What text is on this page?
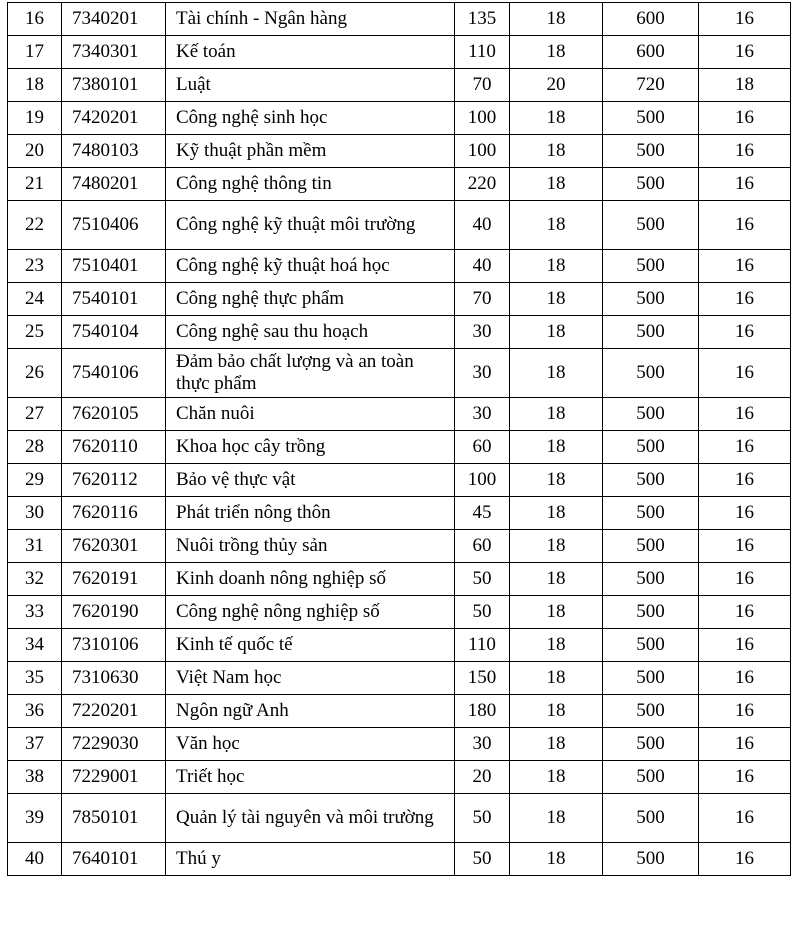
16	7340201	Tài chính - Ngân hàng	135	18	600	16
17	7340301	Kế toán	110	18	600	16
18	7380101	Luật	70	20	720	18
19	7420201	Công nghệ sinh học	100	18	500	16
20	7480103	Kỹ thuật phần mềm	100	18	500	16
21	7480201	Công nghệ thông tin	220	18	500	16
22	7510406	Công nghệ kỹ thuật môi trường	40	18	500	16
23	7510401	Công nghệ kỹ thuật hoá học	40	18	500	16
24	7540101	Công nghệ thực phẩm	70	18	500	16
25	7540104	Công nghệ sau thu hoạch	30	18	500	16
26	7540106	Đảm bảo chất lượng và an toàn thực phẩm	30	18	500	16
27	7620105	Chăn nuôi	30	18	500	16
28	7620110	Khoa học cây trồng	60	18	500	16
29	7620112	Bảo vệ thực vật	100	18	500	16
30	7620116	Phát triển nông thôn	45	18	500	16
31	7620301	Nuôi trồng thủy sản	60	18	500	16
32	7620191	Kinh doanh nông nghiệp số	50	18	500	16
33	7620190	Công nghệ nông nghiệp số	50	18	500	16
34	7310106	Kinh tế quốc tế	110	18	500	16
35	7310630	Việt Nam học	150	18	500	16
36	7220201	Ngôn ngữ Anh	180	18	500	16
37	7229030	Văn học	30	18	500	16
38	7229001	Triết học	20	18	500	16
39	7850101	Quản lý tài nguyên và môi trường	50	18	500	16
40	7640101	Thú y	50	18	500	16
